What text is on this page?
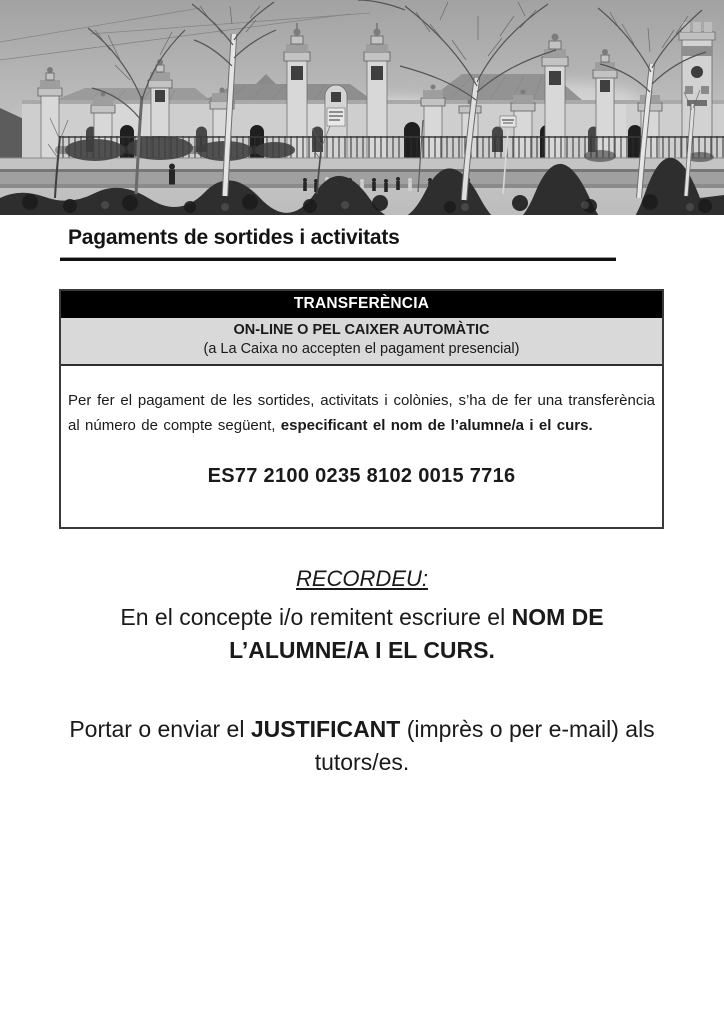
Pagaments de sortides i activitats
TRANSFERÈNCIA
ON-LINE O PEL CAIXER AUTOMÀTIC
(a La Caixa no accepten el pagament presencial)

Per fer el pagament de les sortides, activitats i colònies, s’ha de fer una transferència al número de compte següent, especificant el nom de l’alumne/a i el curs.

ES77 2100 0235 8102 0015 7716
RECORDEU:

En el concepte i/o remitent escriure el NOM DE L’ALUMNE/A I EL CURS.

Portar o enviar el JUSTIFICANT (imprès o per e-mail) als tutors/es.
